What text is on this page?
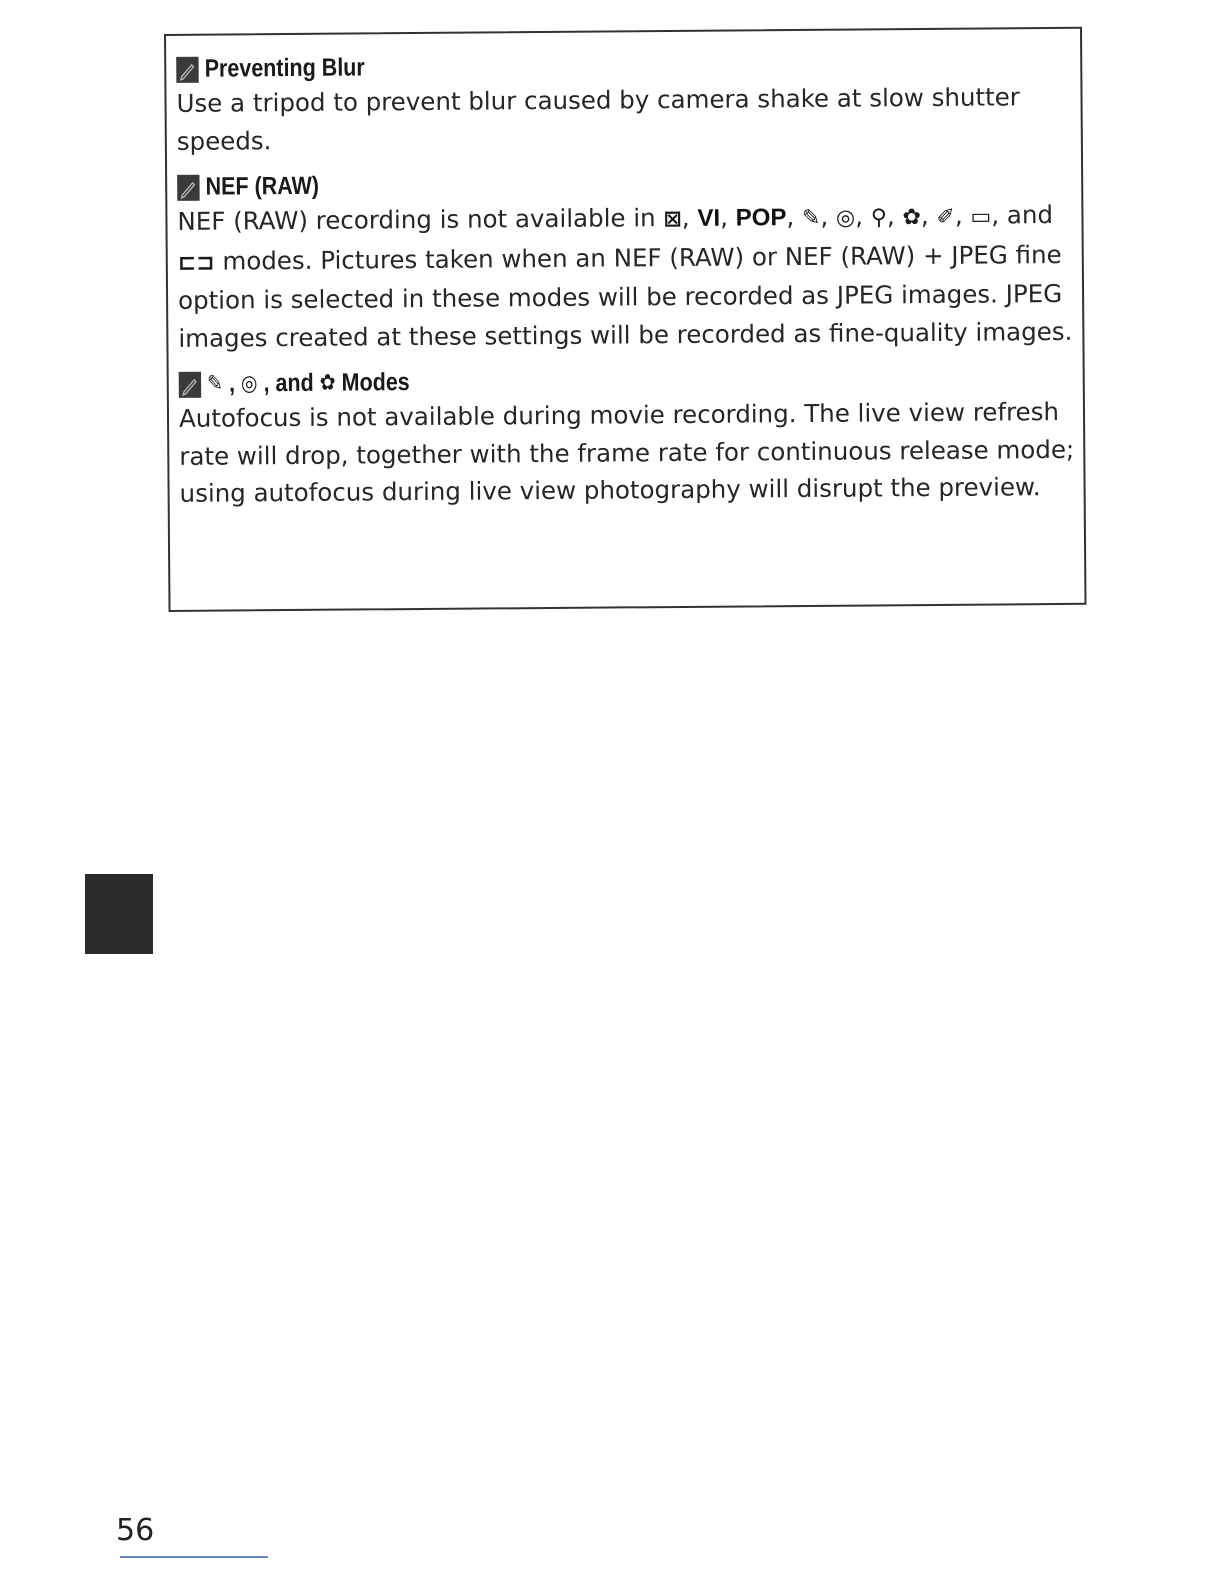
Preventing Blur
Use a tripod to prevent blur caused by camera shake at slow shutter speeds.
NEF (RAW)
NEF (RAW) recording is not available in ⊠, VI, POP, ✎, ◎, ⚲, ✿, ✐, ▭, and ⊏⊐ modes. Pictures taken when an NEF (RAW) or NEF (RAW) + JPEG fine option is selected in these modes will be recorded as JPEG images. JPEG images created at these settings will be recorded as fine-quality images.
✎ , ◎ , and ✿ Modes
Autofocus is not available during movie recording. The live view refresh rate will drop, together with the frame rate for continuous release mode; using autofocus during live view photography will disrupt the preview.
56
